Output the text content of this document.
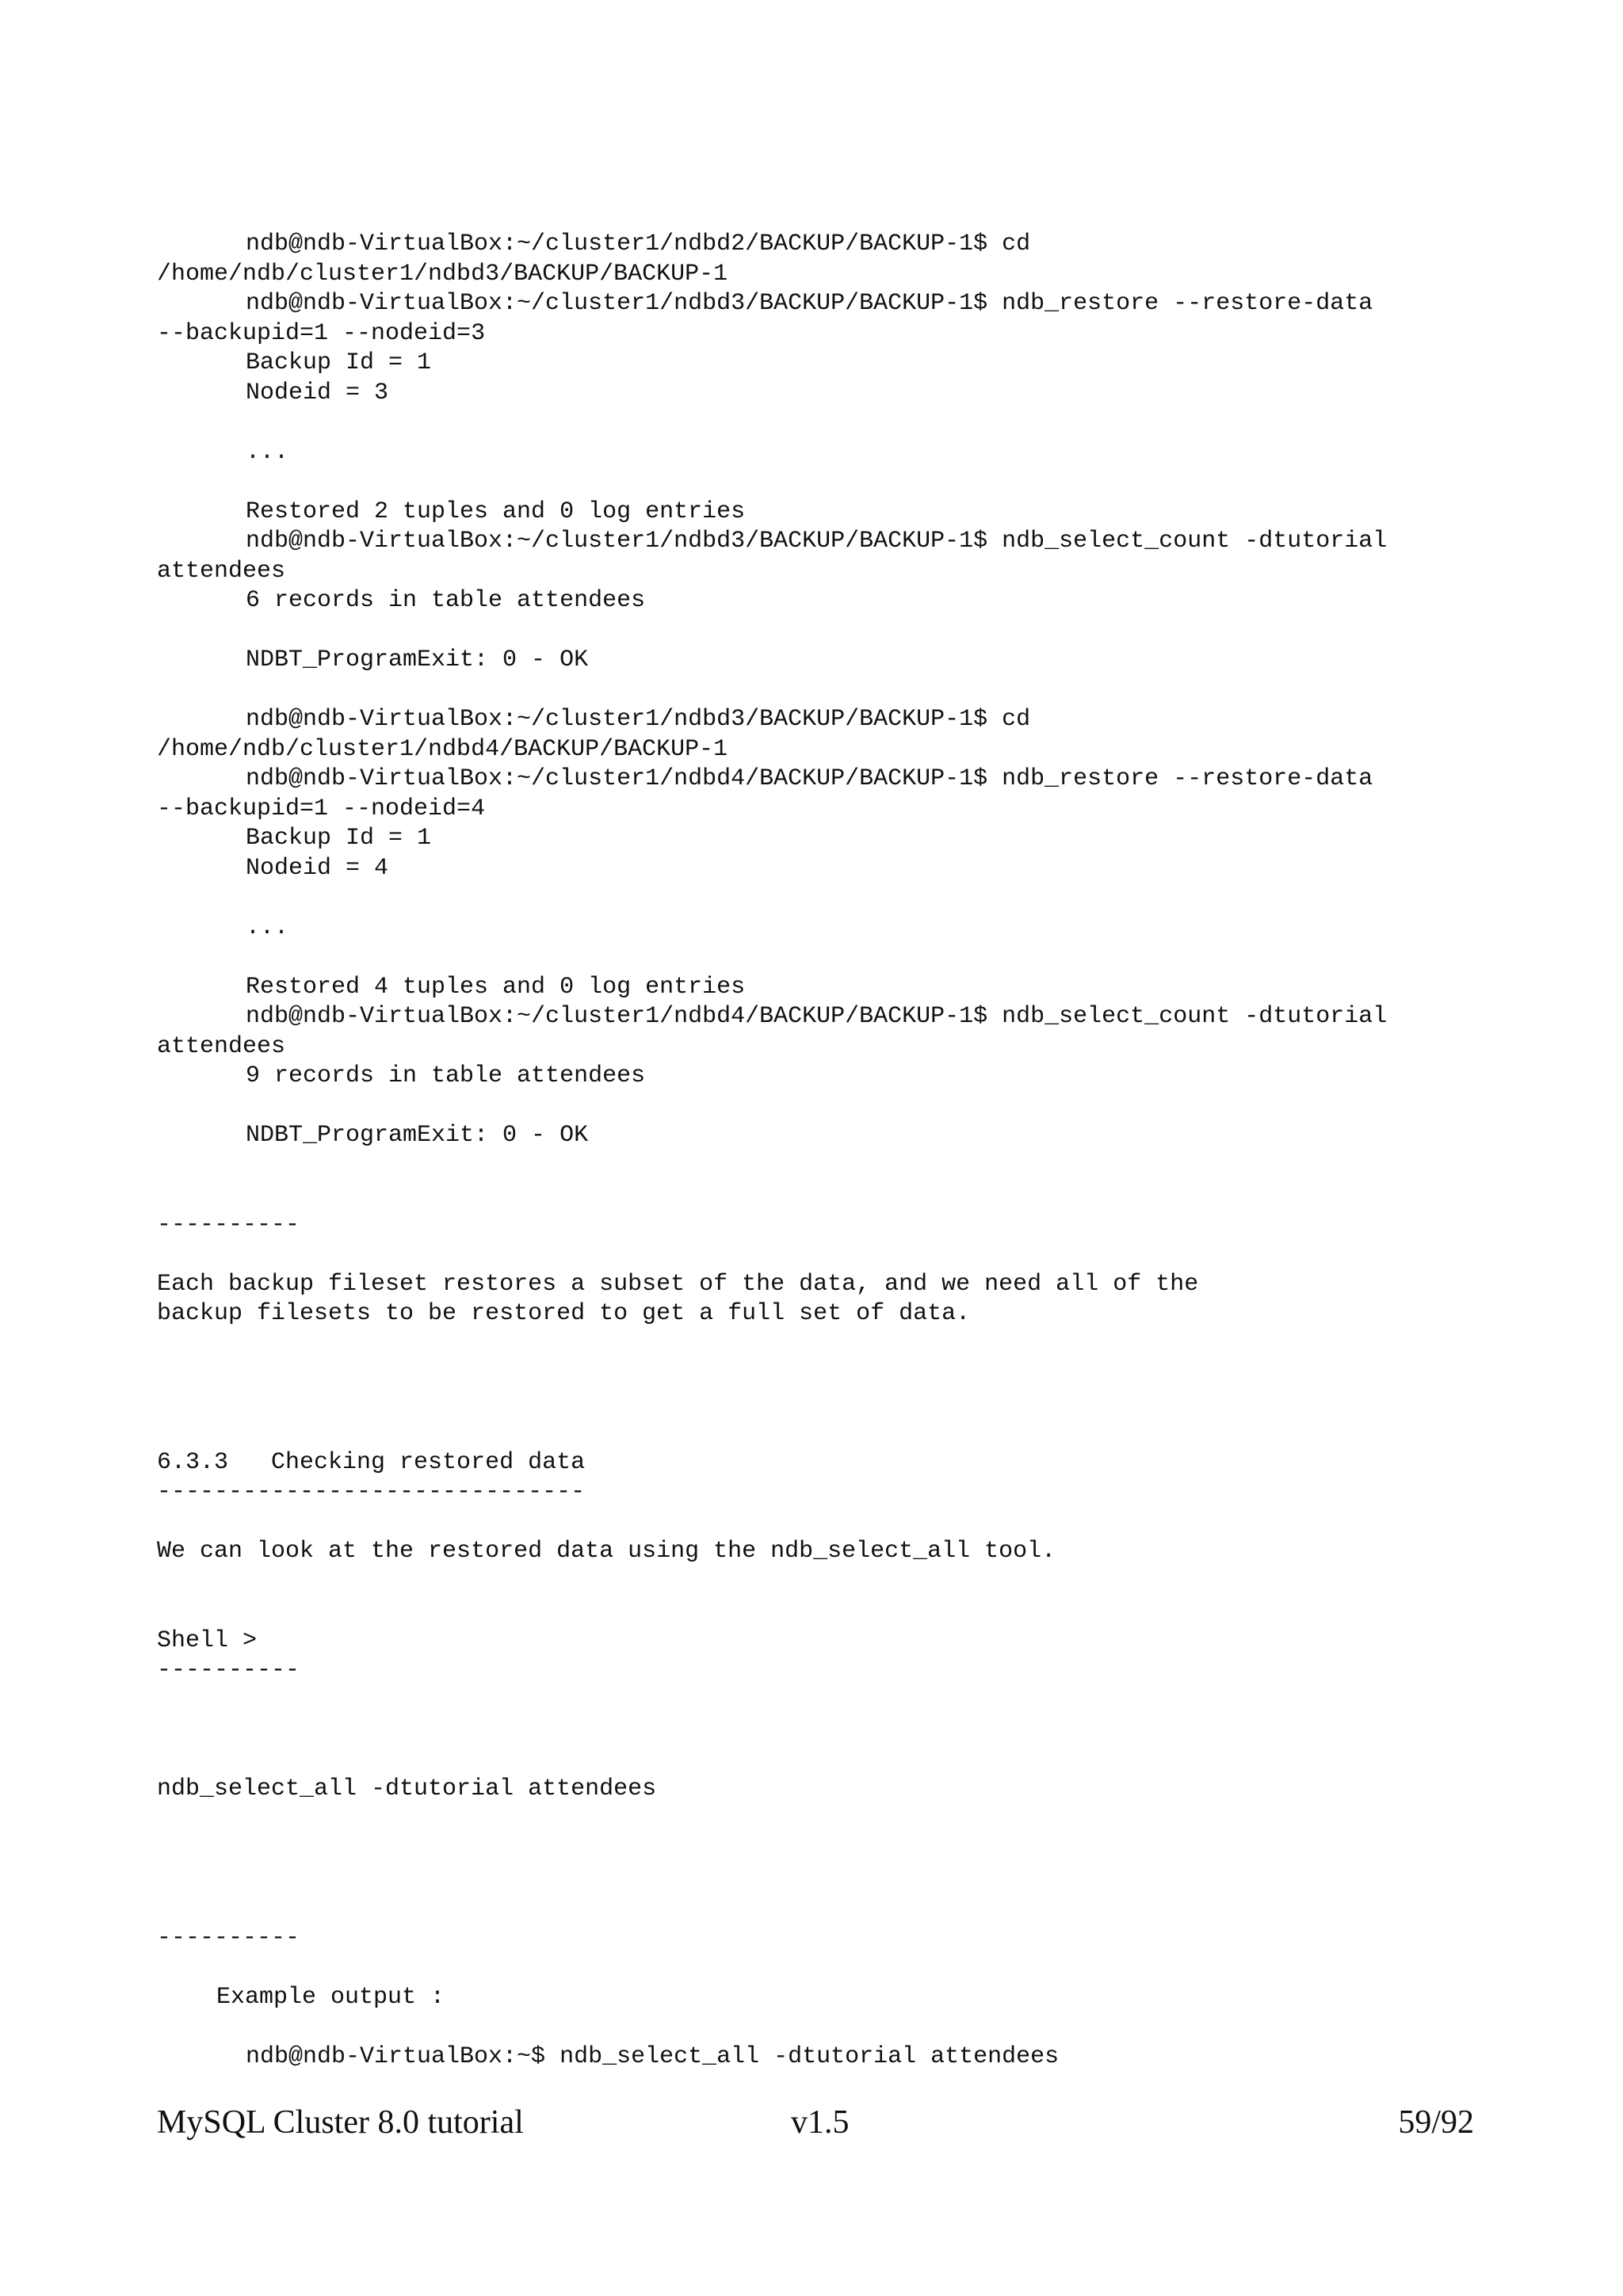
ndb@ndb-VirtualBox:~/cluster1/ndbd2/BACKUP/BACKUP-1$ cd
/home/ndb/cluster1/ndbd3/BACKUP/BACKUP-1
ndb@ndb-VirtualBox:~/cluster1/ndbd3/BACKUP/BACKUP-1$ ndb_restore --restore-data
--backupid=1 --nodeid=3
Backup Id = 1
Nodeid = 3
...
Restored 2 tuples and 0 log entries
ndb@ndb-VirtualBox:~/cluster1/ndbd3/BACKUP/BACKUP-1$ ndb_select_count -dtutorial
attendees
6 records in table attendees
NDBT_ProgramExit: 0 - OK
ndb@ndb-VirtualBox:~/cluster1/ndbd3/BACKUP/BACKUP-1$ cd
/home/ndb/cluster1/ndbd4/BACKUP/BACKUP-1
ndb@ndb-VirtualBox:~/cluster1/ndbd4/BACKUP/BACKUP-1$ ndb_restore --restore-data
--backupid=1 --nodeid=4
Backup Id = 1
Nodeid = 4
...
Restored 4 tuples and 0 log entries
ndb@ndb-VirtualBox:~/cluster1/ndbd4/BACKUP/BACKUP-1$ ndb_select_count -dtutorial
attendees
9 records in table attendees
NDBT_ProgramExit: 0 - OK
----------
Each backup fileset restores a subset of the data, and we need all of the
backup filesets to be restored to get a full set of data.
6.3.3   Checking restored data
------------------------------
We can look at the restored data using the ndb_select_all tool.
Shell >
----------
ndb_select_all -dtutorial attendees
----------
Example output :
ndb@ndb-VirtualBox:~$ ndb_select_all -dtutorial attendees
MySQL Cluster 8.0 tutorial	v1.5	59/92
